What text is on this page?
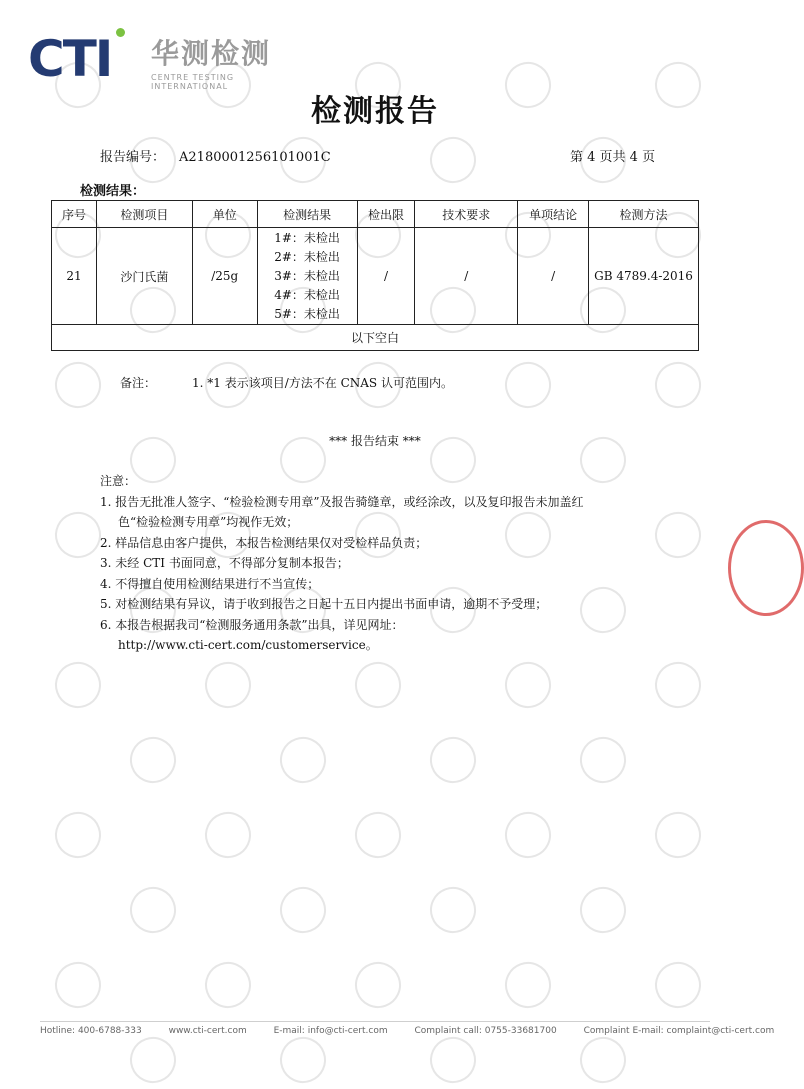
CTI 华测检测
CENTRE TESTING INTERNATIONAL
检测报告
报告编号： A2180001256101001C	第 4 页共 4 页
检测结果：
序号	检测项目	单位	检测结果	检出限	技术要求	单项结论	检测方法
21	沙门氏菌	/25g	1#：未检出
2#：未检出
3#：未检出
4#：未检出
5#：未检出	/	/	/	GB 4789.4-2016
以下空白							
备注：	1. *1 表示该项目/方法不在 CNAS 认可范围内。
*** 报告结束 ***
注意：
1. 报告无批准人签字、“检验检测专用章”及报告骑缝章，或经涂改，以及复印报告未加盖红
色“检验检测专用章”均视作无效；
2. 样品信息由客户提供，本报告检测结果仅对受检样品负责；
3. 未经 CTI 书面同意，不得部分复制本报告；
4. 不得擅自使用检测结果进行不当宣传；
5. 对检测结果有异议，请于收到报告之日起十五日内提出书面申请，逾期不予受理；
6. 本报告根据我司“检测服务通用条款”出具，详见网址：
http://www.cti-cert.com/customerservice。
Hotline: 400-6788-333	www.cti-cert.com	E-mail: info@cti-cert.com	Complaint call: 0755-33681700	Complaint E-mail: complaint@cti-cert.com
